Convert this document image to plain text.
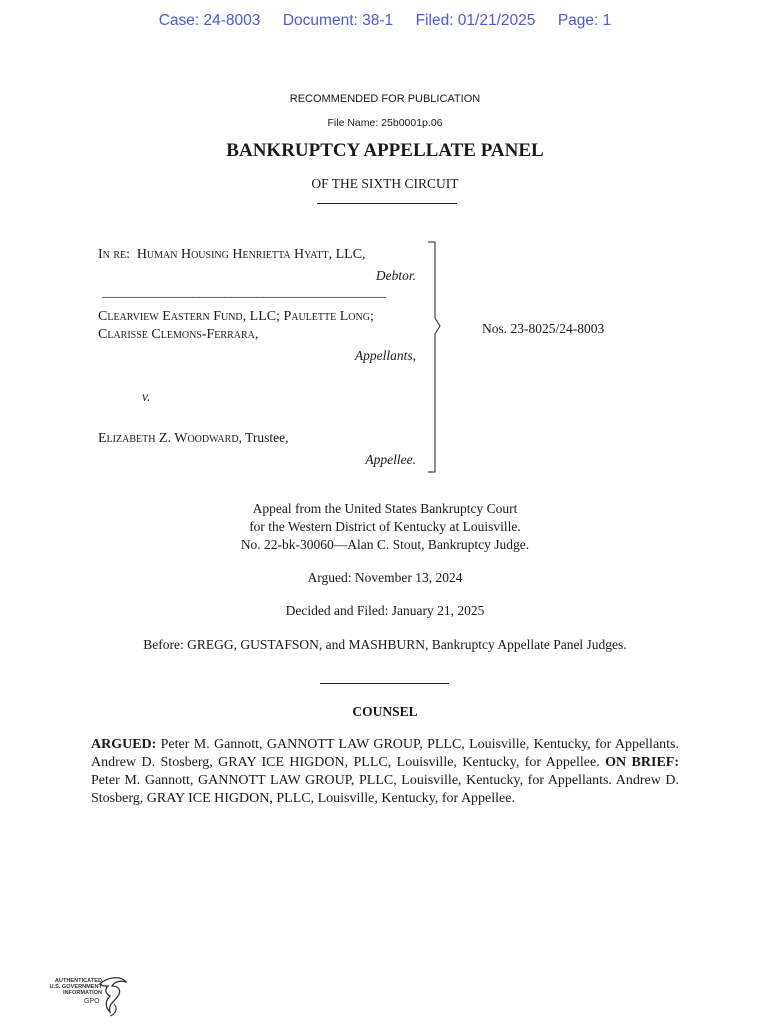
Case: 24-8003 Document: 38-1 Filed: 01/21/2025 Page: 1
RECOMMENDED FOR PUBLICATION
File Name: 25b0001p.06
BANKRUPTCY APPELLATE PANEL
OF THE SIXTH CIRCUIT
In re: Human Housing Henrietta Hyatt, LLC,
Debtor.
____________________________________________
Clearview Eastern Fund, LLC; Paulette Long;
Clarisse Clemons-Ferrara,
Appellants,
v.
Elizabeth Z. Woodward, Trustee,
Appellee.
Nos. 23-8025/24-8003
Appeal from the United States Bankruptcy Court
for the Western District of Kentucky at Louisville.
No. 22-bk-30060—Alan C. Stout, Bankruptcy Judge.
Argued: November 13, 2024
Decided and Filed: January 21, 2025
Before: GREGG, GUSTAFSON, and MASHBURN, Bankruptcy Appellate Panel Judges.
COUNSEL
ARGUED: Peter M. Gannott, GANNOTT LAW GROUP, PLLC, Louisville, Kentucky, for Appellants. Andrew D. Stosberg, GRAY ICE HIGDON, PLLC, Louisville, Kentucky, for Appellee. ON BRIEF: Peter M. Gannott, GANNOTT LAW GROUP, PLLC, Louisville, Kentucky, for Appellants. Andrew D. Stosberg, GRAY ICE HIGDON, PLLC, Louisville, Kentucky, for Appellee.
AUTHENTICATED
U.S. GOVERNMENT
INFORMATION
GPO
